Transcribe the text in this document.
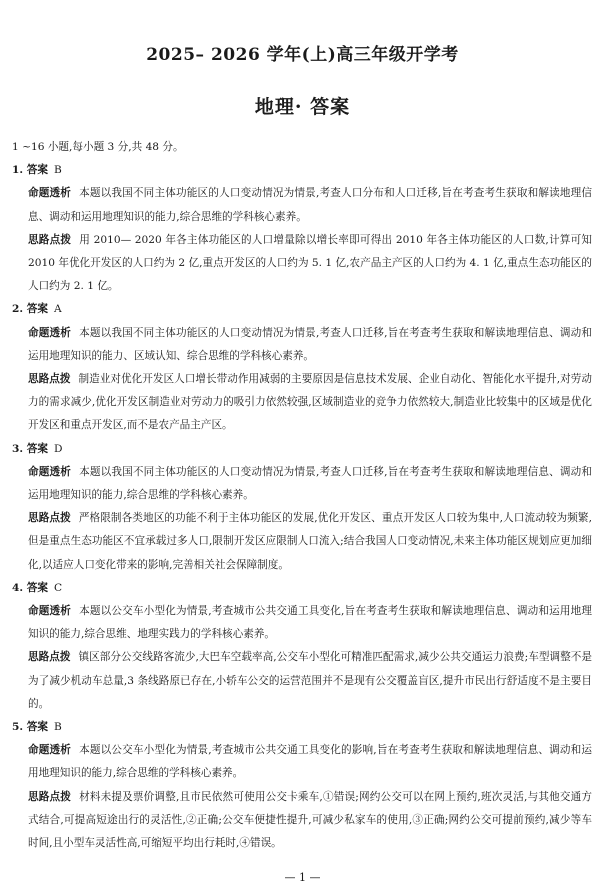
2025– 2026 学年(上)高三年级开学考
地理· 答案

1 ~16 小题,每小题 3 分,共 48 分。

1. 答案 B

命题透析 本题以我国不同主体功能区的人口变动情况为情景,考查人口分布和人口迁移,旨在考查考生获取和解读地理信息、调动和运用地理知识的能力,综合思维的学科核心素养。

思路点拨 用 2010— 2020 年各主体功能区的人口增量除以增长率即可得出 2010 年各主体功能区的人口数,计算可知 2010 年优化开发区的人口约为 2 亿,重点开发区的人口约为 5. 1 亿,农产品主产区的人口约为 4. 1 亿,重点生态功能区的人口约为 2. 1 亿。

2. 答案 A

命题透析 本题以我国不同主体功能区的人口变动情况为情景,考查人口迁移,旨在考查考生获取和解读地理信息、调动和运用地理知识的能力、区域认知、综合思维的学科核心素养。

思路点拨 制造业对优化开发区人口增长带动作用减弱的主要原因是信息技术发展、企业自动化、智能化水平提升,对劳动力的需求减少,优化开发区制造业对劳动力的吸引力依然较强,区域制造业的竞争力依然较大,制造业比较集中的区域是优化开发区和重点开发区,而不是农产品主产区。

3. 答案 D

命题透析 本题以我国不同主体功能区的人口变动情况为情景,考查人口迁移,旨在考查考生获取和解读地理信息、调动和运用地理知识的能力,综合思维的学科核心素养。

思路点拨 严格限制各类地区的功能不利于主体功能区的发展,优化开发区、重点开发区人口较为集中,人口流动较为频繁,但是重点生态功能区不宜承载过多人口,限制开发区应限制人口流入;结合我国人口变动情况,未来主体功能区规划应更加细化,以适应人口变化带来的影响,完善相关社会保障制度。

4. 答案 C

命题透析 本题以公交车小型化为情景,考查城市公共交通工具变化,旨在考查考生获取和解读地理信息、调动和运用地理知识的能力,综合思维、地理实践力的学科核心素养。

思路点拨 镇区部分公交线路客流少,大巴车空载率高,公交车小型化可精准匹配需求,减少公共交通运力浪费;车型调整不是为了减少机动车总量,3 条线路原已存在,小轿车公交的运营范围并不是现有公交覆盖盲区,提升市民出行舒适度不是主要目的。

5. 答案 B

命题透析 本题以公交车小型化为情景,考查城市公共交通工具变化的影响,旨在考查考生获取和解读地理信息、调动和运用地理知识的能力,综合思维的学科核心素养。

思路点拨 材料未提及票价调整,且市民依然可使用公交卡乘车,①错误;网约公交可以在网上预约,班次灵活,与其他交通方式结合,可提高短途出行的灵活性,②正确;公交车便捷性提升,可减少私家车的使用,③正确;网约公交可提前预约,减少等车时间,且小型车灵活性高,可缩短平均出行耗时,④错误。

— 1 —
